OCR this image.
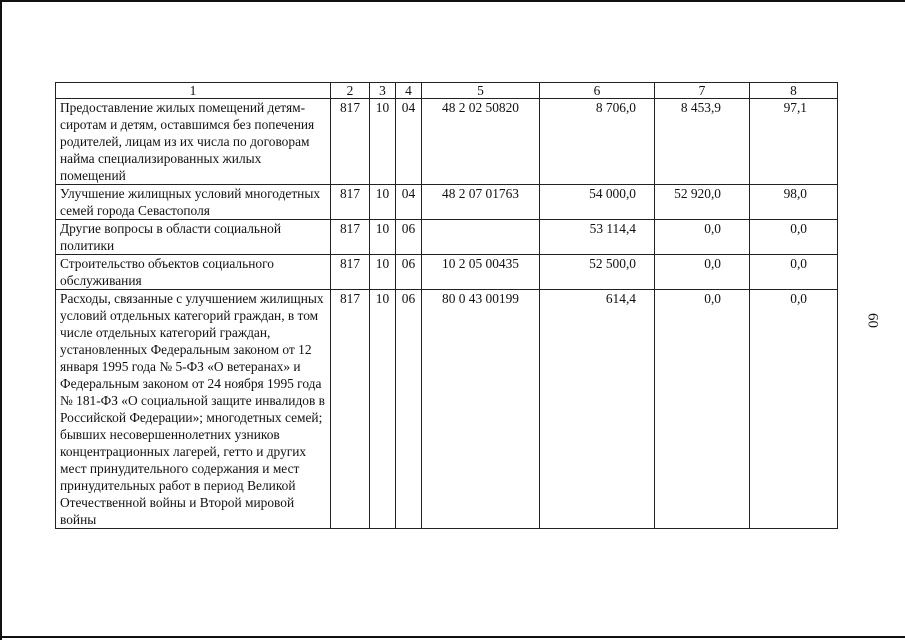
1	2	3	4	5	6	7	8
Предоставление жилых помещений детям-сиротам и детям, оставшимся без попечения родителей, лицам из их числа по договорам найма специализированных жилых помещений	817	10	04	48 2 02 50820	8 706,0	8 453,9	97,1
Улучшение жилищных условий многодетных семей города Севастополя	817	10	04	48 2 07 01763	54 000,0	52 920,0	98,0
Другие вопросы в области социальной политики	817	10	06		53 114,4	0,0	0,0
Строительство объектов социального обслуживания	817	10	06	10 2 05 00435	52 500,0	0,0	0,0
Расходы, связанные с улучшением жилищных условий отдельных категорий граждан, в том числе отдельных категорий граждан, установленных Федеральным законом от 12 января 1995 года № 5-ФЗ «О ветеранах» и Федеральным законом от 24 ноября 1995 года № 181-ФЗ «О социальной защите инвалидов в Российской Федерации»; многодетных семей; бывших несовершеннолетних узников концентрационных лагерей, гетто и других мест принудительного содержания и мест принудительных работ в период Великой Отечественной войны и Второй мировой войны	817	10	06	80 0 43 00199	614,4	0,0	0,0
60
